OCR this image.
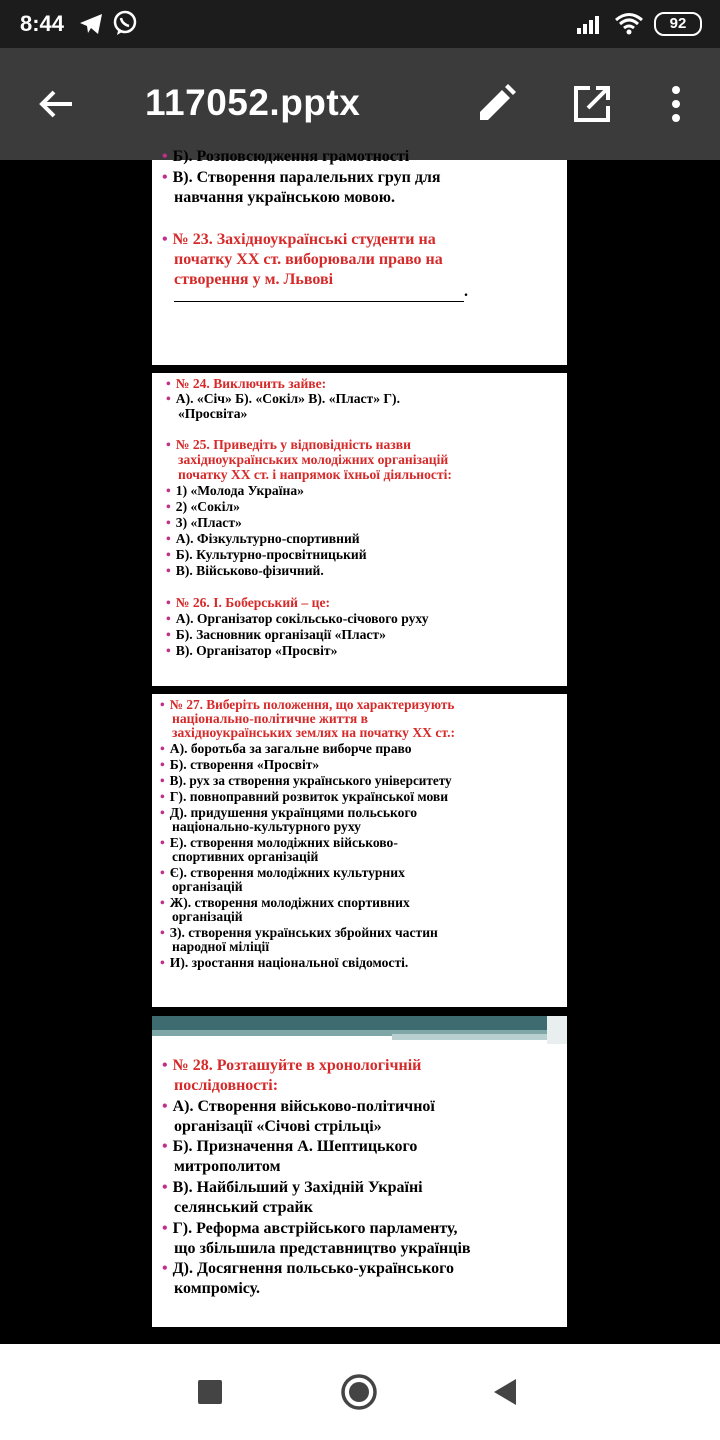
8:44	92
117052.pptx
• Б). Розповсюдження грамотності
• В). Створення паралельних груп для
навчання українською мовою.
• № 23. Західноукраїнські студенти на
початку ХХ ст. виборювали право на
створення у м. Львові
.
• № 24. Виключить зайве:
• А). «Січ» Б). «Сокіл» В). «Пласт» Г).
«Просвіта»
• № 25. Приведіть у відповідність назви
західноукраїнських молодіжних організацій
початку ХХ ст. і напрямок їхньої діяльності:
• 1) «Молода Україна»
• 2) «Сокіл»
• 3) «Пласт»
• А). Фізкультурно-спортивний
• Б). Культурно-просвітницький
• В). Військово-фізичний.
• № 26. І. Боберський – це:
• А). Організатор сокільсько-січового руху
• Б). Засновник організації «Пласт»
• В). Організатор «Просвіт»
• № 27. Виберіть положення, що характеризують
національно-політичне життя в
західноукраїнських землях на початку ХХ ст.:
• А). боротьба за загальне виборче право
• Б). створення «Просвіт»
• В). рух за створення українського університету
• Г). повноправний розвиток української мови
• Д). придушення українцями польського
національно-культурного руху
• Е). створення молодіжних військово-
спортивних організацій
• Є). створення молодіжних культурних
організацій
• Ж). створення молодіжних спортивних
організацій
• З). створення українських збройних частин
народної міліції
• И). зростання національної свідомості.
• № 28. Розташуйте в хронологічній
послідовності:
• А). Створення військово-політичної
організації «Січові стрільці»
• Б). Призначення А. Шептицького
митрополитом
• В). Найбільший у Західній Україні
селянський страйк
• Г). Реформа австрійського парламенту,
що збільшила представництво українців
• Д). Досягнення польсько-українського
компромісу.
